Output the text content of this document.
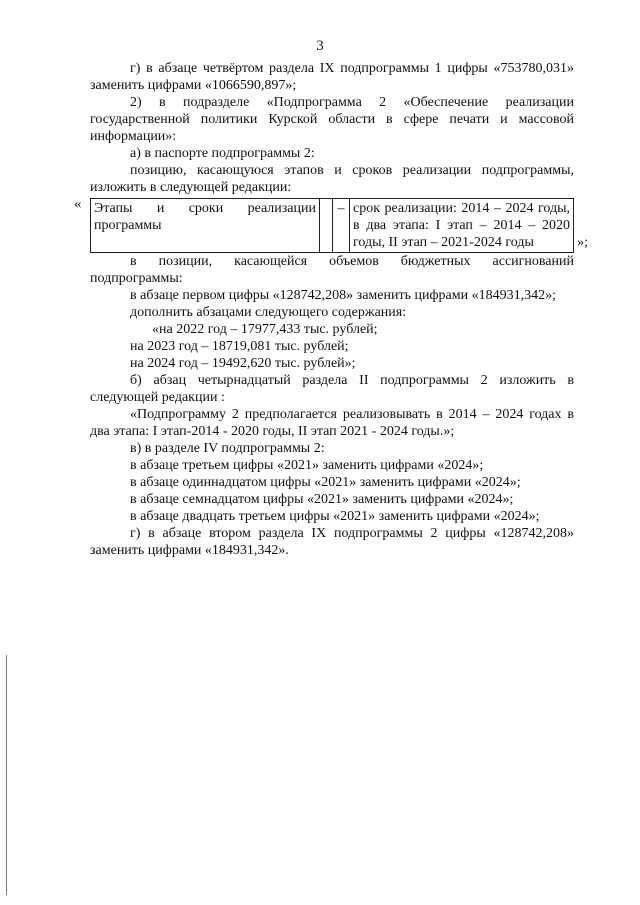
3

г) в абзаце четвёртом раздела IX подпрограммы 1 цифры «753780,031» заменить цифрами «1066590,897»;

2) в подразделе «Подпрограмма 2 «Обеспечение реализации государственной политики Курской области в сфере печати и массовой информации»:

а) в паспорте подпрограммы 2:

позицию, касающуюся этапов и сроков реализации подпрограммы, изложить в следующей редакции:

« Этапы и сроки реализации программы		–	срок реализации: 2014 – 2024 годы, в два этапа: I этап – 2014 – 2020 годы, II этап – 2021-2024 годы	»;

в позиции, касающейся объемов бюджетных ассигнований подпрограммы:

в абзаце первом цифры «128742,208» заменить цифрами «184931,342»;

дополнить абзацами следующего содержания:

«на 2022 год – 17977,433 тыс. рублей;

на 2023 год – 18719,081 тыс. рублей;

на 2024 год – 19492,620 тыс. рублей»;

б) абзац четырнадцатый раздела II подпрограммы 2 изложить в следующей редакции :

«Подпрограмму 2 предполагается реализовывать в 2014 – 2024 годах в два этапа: I этап-2014 - 2020 годы, II этап 2021 - 2024 годы.»;

в) в разделе IV подпрограммы 2:

в абзаце третьем цифры «2021» заменить цифрами «2024»;

в абзаце одиннадцатом цифры «2021» заменить цифрами «2024»;

в абзаце семнадцатом цифры «2021» заменить цифрами «2024»;

в абзаце двадцать третьем цифры «2021» заменить цифрами «2024»;

г) в абзаце втором раздела IX подпрограммы 2 цифры «128742,208» заменить цифрами «184931,342».
